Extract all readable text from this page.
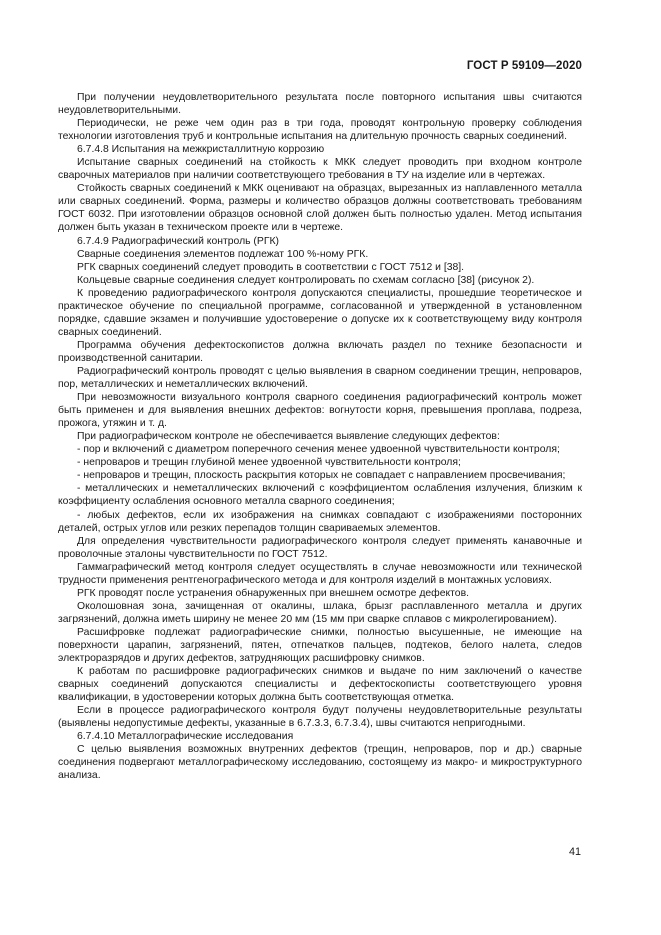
ГОСТ Р 59109—2020

При получении неудовлетворительного результата после повторного испытания швы считаются неудовлетворительными.

Периодически, не реже чем один раз в три года, проводят контрольную проверку соблюдения технологии изготовления труб и контрольные испытания на длительную прочность сварных соединений.

6.7.4.8 Испытания на межкристаллитную коррозию

Испытание сварных соединений на стойкость к МКК следует проводить при входном контроле сварочных материалов при наличии соответствующего требования в ТУ на изделие или в чертежах.

Стойкость сварных соединений к МКК оценивают на образцах, вырезанных из наплавленного металла или сварных соединений. Форма, размеры и количество образцов должны соответствовать требованиям ГОСТ 6032. При изготовлении образцов основной слой должен быть полностью удален. Метод испытания должен быть указан в техническом проекте или в чертеже.

6.7.4.9 Радиографический контроль (РГК)

Сварные соединения элементов подлежат 100 %-ному РГК.

РГК сварных соединений следует проводить в соответствии с ГОСТ 7512 и [38].

Кольцевые сварные соединения следует контролировать по схемам согласно [38] (рисунок 2).

К проведению радиографического контроля допускаются специалисты, прошедшие теоретическое и практическое обучение по специальной программе, согласованной и утвержденной в установленном порядке, сдавшие экзамен и получившие удостоверение о допуске их к соответствующему виду контроля сварных соединений.

Программа обучения дефектоскопистов должна включать раздел по технике безопасности и производственной санитарии.

Радиографический контроль проводят с целью выявления в сварном соединении трещин, непроваров, пор, металлических и неметаллических включений.

При невозможности визуального контроля сварного соединения радиографический контроль может быть применен и для выявления внешних дефектов: вогнутости корня, превышения проплава, подреза, прожога, утяжин и т. д.

При радиографическом контроле не обеспечивается выявление следующих дефектов:

- пор и включений с диаметром поперечного сечения менее удвоенной чувствительности контроля;

- непроваров и трещин глубиной менее удвоенной чувствительности контроля;

- непроваров и трещин, плоскость раскрытия которых не совпадает с направлением просвечивания;

- металлических и неметаллических включений с коэффициентом ослабления излучения, близким к коэффициенту ослабления основного металла сварного соединения;

- любых дефектов, если их изображения на снимках совпадают с изображениями посторонних деталей, острых углов или резких перепадов толщин свариваемых элементов.

Для определения чувствительности радиографического контроля следует применять канавочные и проволочные эталоны чувствительности по ГОСТ 7512.

Гаммаграфический метод контроля следует осуществлять в случае невозможности или технической трудности применения рентгенографического метода и для контроля изделий в монтажных условиях.

РГК проводят после устранения обнаруженных при внешнем осмотре дефектов.

Околошовная зона, зачищенная от окалины, шлака, брызг расплавленного металла и других загрязнений, должна иметь ширину не менее 20 мм (15 мм при сварке сплавов с микролегированием).

Расшифровке подлежат радиографические снимки, полностью высушенные, не имеющие на поверхности царапин, загрязнений, пятен, отпечатков пальцев, подтеков, белого налета, следов электроразрядов и других дефектов, затрудняющих расшифровку снимков.

К работам по расшифровке радиографических снимков и выдаче по ним заключений о качестве сварных соединений допускаются специалисты и дефектоскописты соответствующего уровня квалификации, в удостоверении которых должна быть соответствующая отметка.

Если в процессе радиографического контроля будут получены неудовлетворительные результаты (выявлены недопустимые дефекты, указанные в 6.7.3.3, 6.7.3.4), швы считаются непригодными.

6.7.4.10 Металлографические исследования

С целью выявления возможных внутренних дефектов (трещин, непроваров, пор и др.) сварные соединения подвергают металлографическому исследованию, состоящему из макро- и микроструктурного анализа.

41
